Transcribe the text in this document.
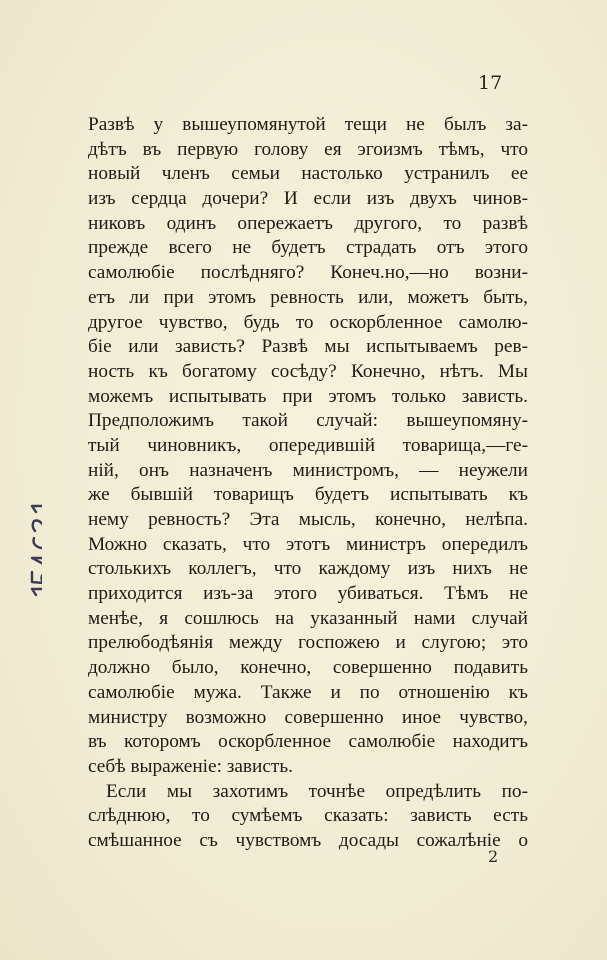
17
Развѣ у вышеупомянутой тещи не былъ за-
дѣтъ въ первую голову ея эгоизмъ тѣмъ, что
новый членъ семьи настолько устранилъ ее
изъ сердца дочери? И если изъ двухъ чинов-
никовъ одинъ опережаетъ другого, то развѣ
прежде всего не будетъ страдать отъ этого
самолюбіе послѣдняго? Конеч.но,—но возни-
етъ ли при этомъ ревность или, можетъ быть,
другое чувство, будь то оскорбленное самолю-
біе или зависть? Развѣ мы испытываемъ рев-
ность къ богатому сосѣду? Конечно, нѣтъ. Мы
можемъ испытывать при этомъ только зависть.
Предположимъ такой случай: вышеупомяну-
тый чиновникъ, опередившій товарища,—ге-
ній, онъ назначенъ министромъ, — неужели
же бывшій товарищъ будетъ испытывать къ
нему ревность? Эта мысль, конечно, нелѣпа.
Можно сказать, что этотъ министръ опередилъ
столькихъ коллегъ, что каждому изъ нихъ не
приходится изъ-за этого убиваться. Тѣмъ не
менѣе, я сошлюсь на указанный нами случай
прелюбодѣянія между госпожею и слугою; это
должно было, конечно, совершенно подавить
самолюбіе мужа. Также и по отношенію къ
министру возможно совершенно иное чувство,
въ которомъ оскорбленное самолюбіе находитъ
себѣ выраженіе: зависть.
Если мы захотимъ точнѣе опредѣлить по-
слѣднюю, то сумѣемъ сказать: зависть есть
смѣшанное съ чувствомъ досады сожалѣніе о
2
